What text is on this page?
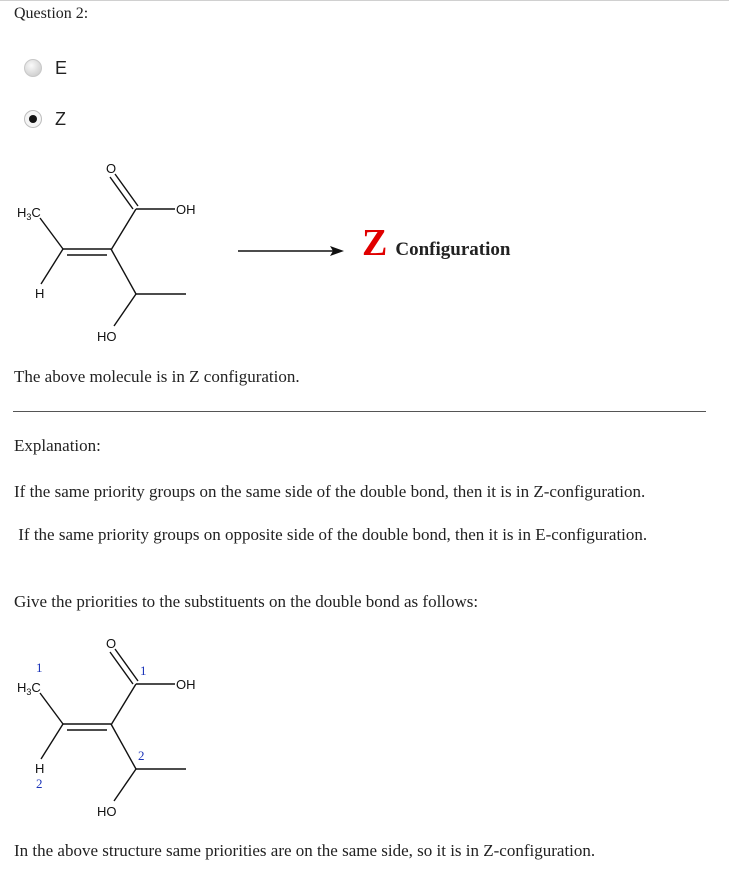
Question 2:
E
Z
O
OH
$H_3C$
H
HO
Z Configuration
The above molecule is in Z configuration.
Explanation:

If the same priority groups on the same side of the double bond, then it is in Z-configuration.

If the same priority groups on opposite side of the double bond, then it is in E-configuration.

Give the priorities to the substituents on the double bond as follows:
O
OH
$H_3C$
H
HO
1
2
1
2
In the above structure same priorities are on the same side, so it is in Z-configuration.
